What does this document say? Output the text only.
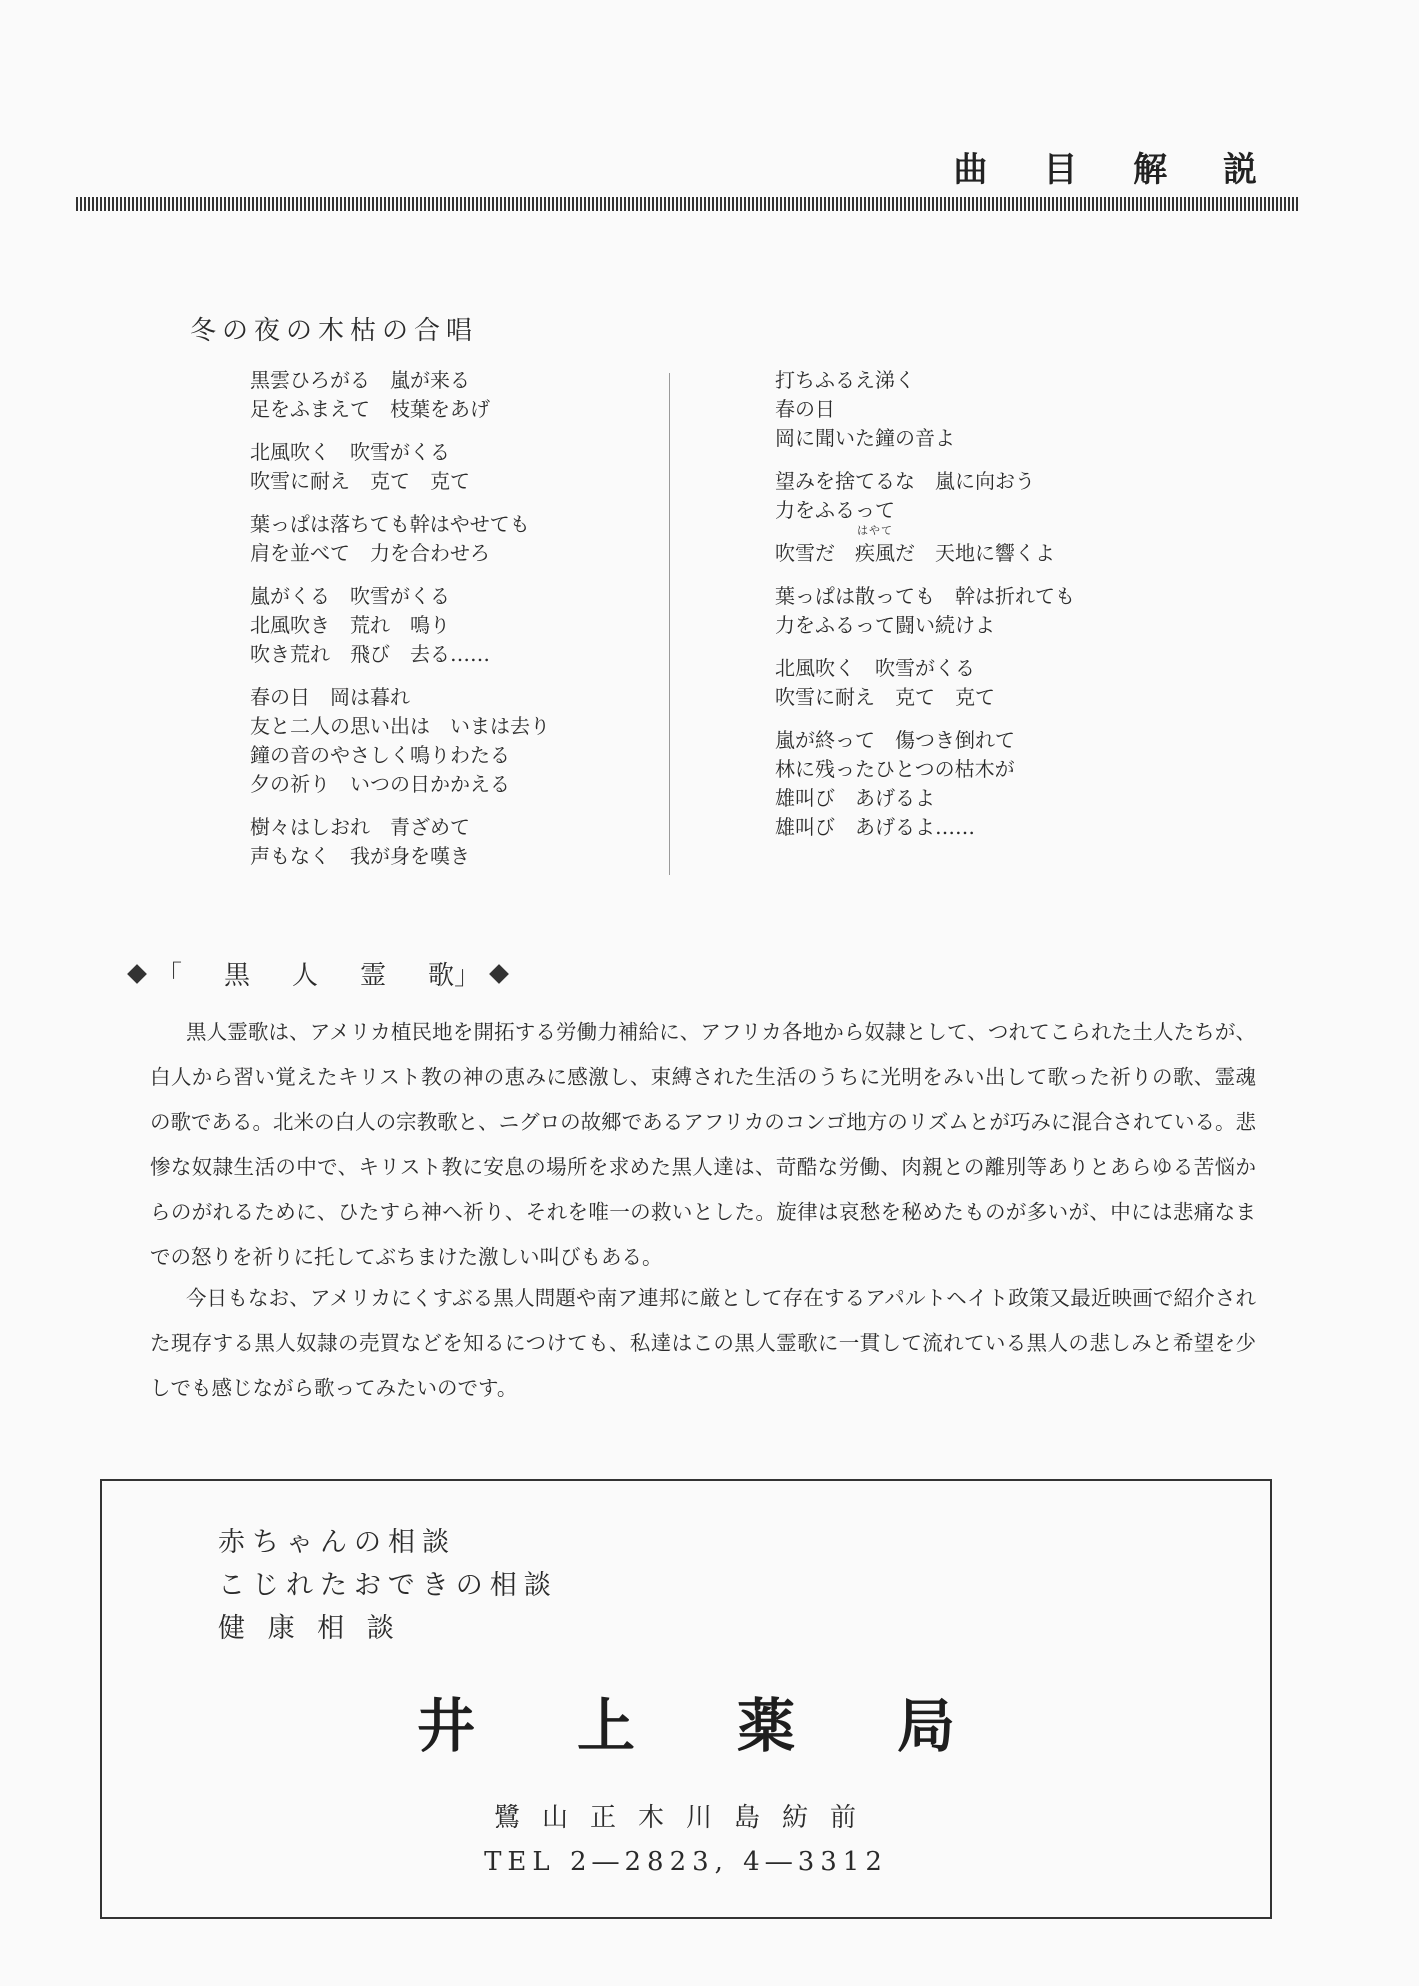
曲 目 解 説
冬の夜の木枯の合唱
黒雲ひろがる　嵐が来る
足をふまえて　枝葉をあげ
北風吹く　吹雪がくる
吹雪に耐え　克て　克て
葉っぱは落ちても幹はやせても
肩を並べて　力を合わせろ
嵐がくる　吹雪がくる
北風吹き　荒れ　鳴り
吹き荒れ　飛び　去る……
春の日　岡は暮れ
友と二人の思い出は　いまは去り
鐘の音のやさしく鳴りわたる
夕の祈り　いつの日かかえる
樹々はしおれ　青ざめて
声もなく　我が身を嘆き
打ちふるえ涕く
春の日
岡に聞いた鐘の音よ
望みを捨てるな　嵐に向おう
力をふるって
吹雪だ　
はやて
疾風だ　天地に響くよ
葉っぱは散っても　幹は折れても
力をふるって闘い続けよ
北風吹く　吹雪がくる
吹雪に耐え　克て　克て
嵐が終って　傷つき倒れて
林に残ったひとつの枯木が
雄叫び　あげるよ
雄叫び　あげるよ……
「黒人霊歌」
黒人霊歌は、アメリカ植民地を開拓する労働力補給に、アフリカ各地から奴隷として、つれてこられた土人たちが、白人から習い覚えたキリスト教の神の恵みに感激し、束縛された生活のうちに光明をみい出して歌った祈りの歌、霊魂の歌である。北米の白人の宗教歌と、ニグロの故郷であるアフリカのコンゴ地方のリズムとが巧みに混合されている。悲惨な奴隷生活の中で、キリスト教に安息の場所を求めた黒人達は、苛酷な労働、肉親との離別等ありとあらゆる苦悩からのがれるために、ひたすら神へ祈り、それを唯一の救いとした。旋律は哀愁を秘めたものが多いが、中には悲痛なまでの怒りを祈りに托してぶちまけた激しい叫びもある。
今日もなお、アメリカにくすぶる黒人問題や南ア連邦に厳として存在するアパルトヘイト政策又最近映画で紹介された現存する黒人奴隷の売買などを知るにつけても、私達はこの黒人霊歌に一貫して流れている黒人の悲しみと希望を少しでも感じながら歌ってみたいのです。
赤ちゃんの相談
こじれたおできの相談
健 康 相 談
井上薬局
鷺山正木川島紡前
TEL 2―2823, 4―3312
